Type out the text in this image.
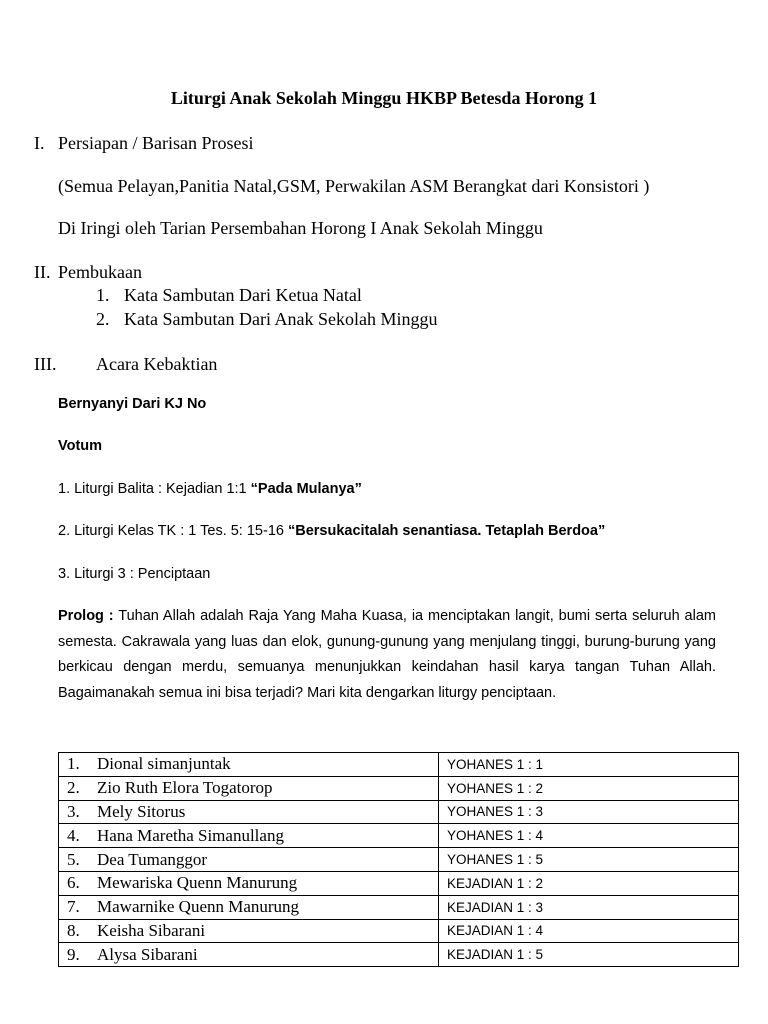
Liturgi Anak Sekolah Minggu HKBP Betesda Horong 1
I. Persiapan / Barisan Prosesi
(Semua Pelayan,Panitia Natal,GSM, Perwakilan ASM Berangkat dari Konsistori )
Di Iringi oleh Tarian Persembahan Horong I Anak Sekolah Minggu
II. Pembukaan
1. Kata Sambutan Dari Ketua Natal
2. Kata Sambutan Dari Anak Sekolah Minggu
III. Acara Kebaktian
Bernyanyi Dari KJ No
Votum
1. Liturgi Balita : Kejadian 1:1 “Pada Mulanya”
2. Liturgi Kelas TK : 1 Tes. 5: 15-16 “Bersukacitalah senantiasa. Tetaplah Berdoa”
3. Liturgi 3 : Penciptaan
Prolog : Tuhan Allah adalah Raja Yang Maha Kuasa, ia menciptakan langit, bumi serta seluruh alam semesta. Cakrawala yang luas dan elok, gunung-gunung yang menjulang tinggi, burung-burung yang berkicau dengan merdu, semuanya menunjukkan keindahan hasil karya tangan Tuhan Allah. Bagaimanakah semua ini bisa terjadi? Mari kita dengarkan liturgy penciptaan.
1. Dional simanjuntak	YOHANES 1 : 1
2. Zio Ruth Elora Togatorop	YOHANES 1 : 2
3. Mely Sitorus	YOHANES 1 : 3
4. Hana Maretha Simanullang	YOHANES 1 : 4
5. Dea Tumanggor	YOHANES 1 : 5
6. Mewariska Quenn Manurung	KEJADIAN 1 : 2
7. Mawarnike Quenn Manurung	KEJADIAN 1 : 3
8. Keisha Sibarani	KEJADIAN 1 : 4
9. Alysa Sibarani	KEJADIAN 1 : 5
